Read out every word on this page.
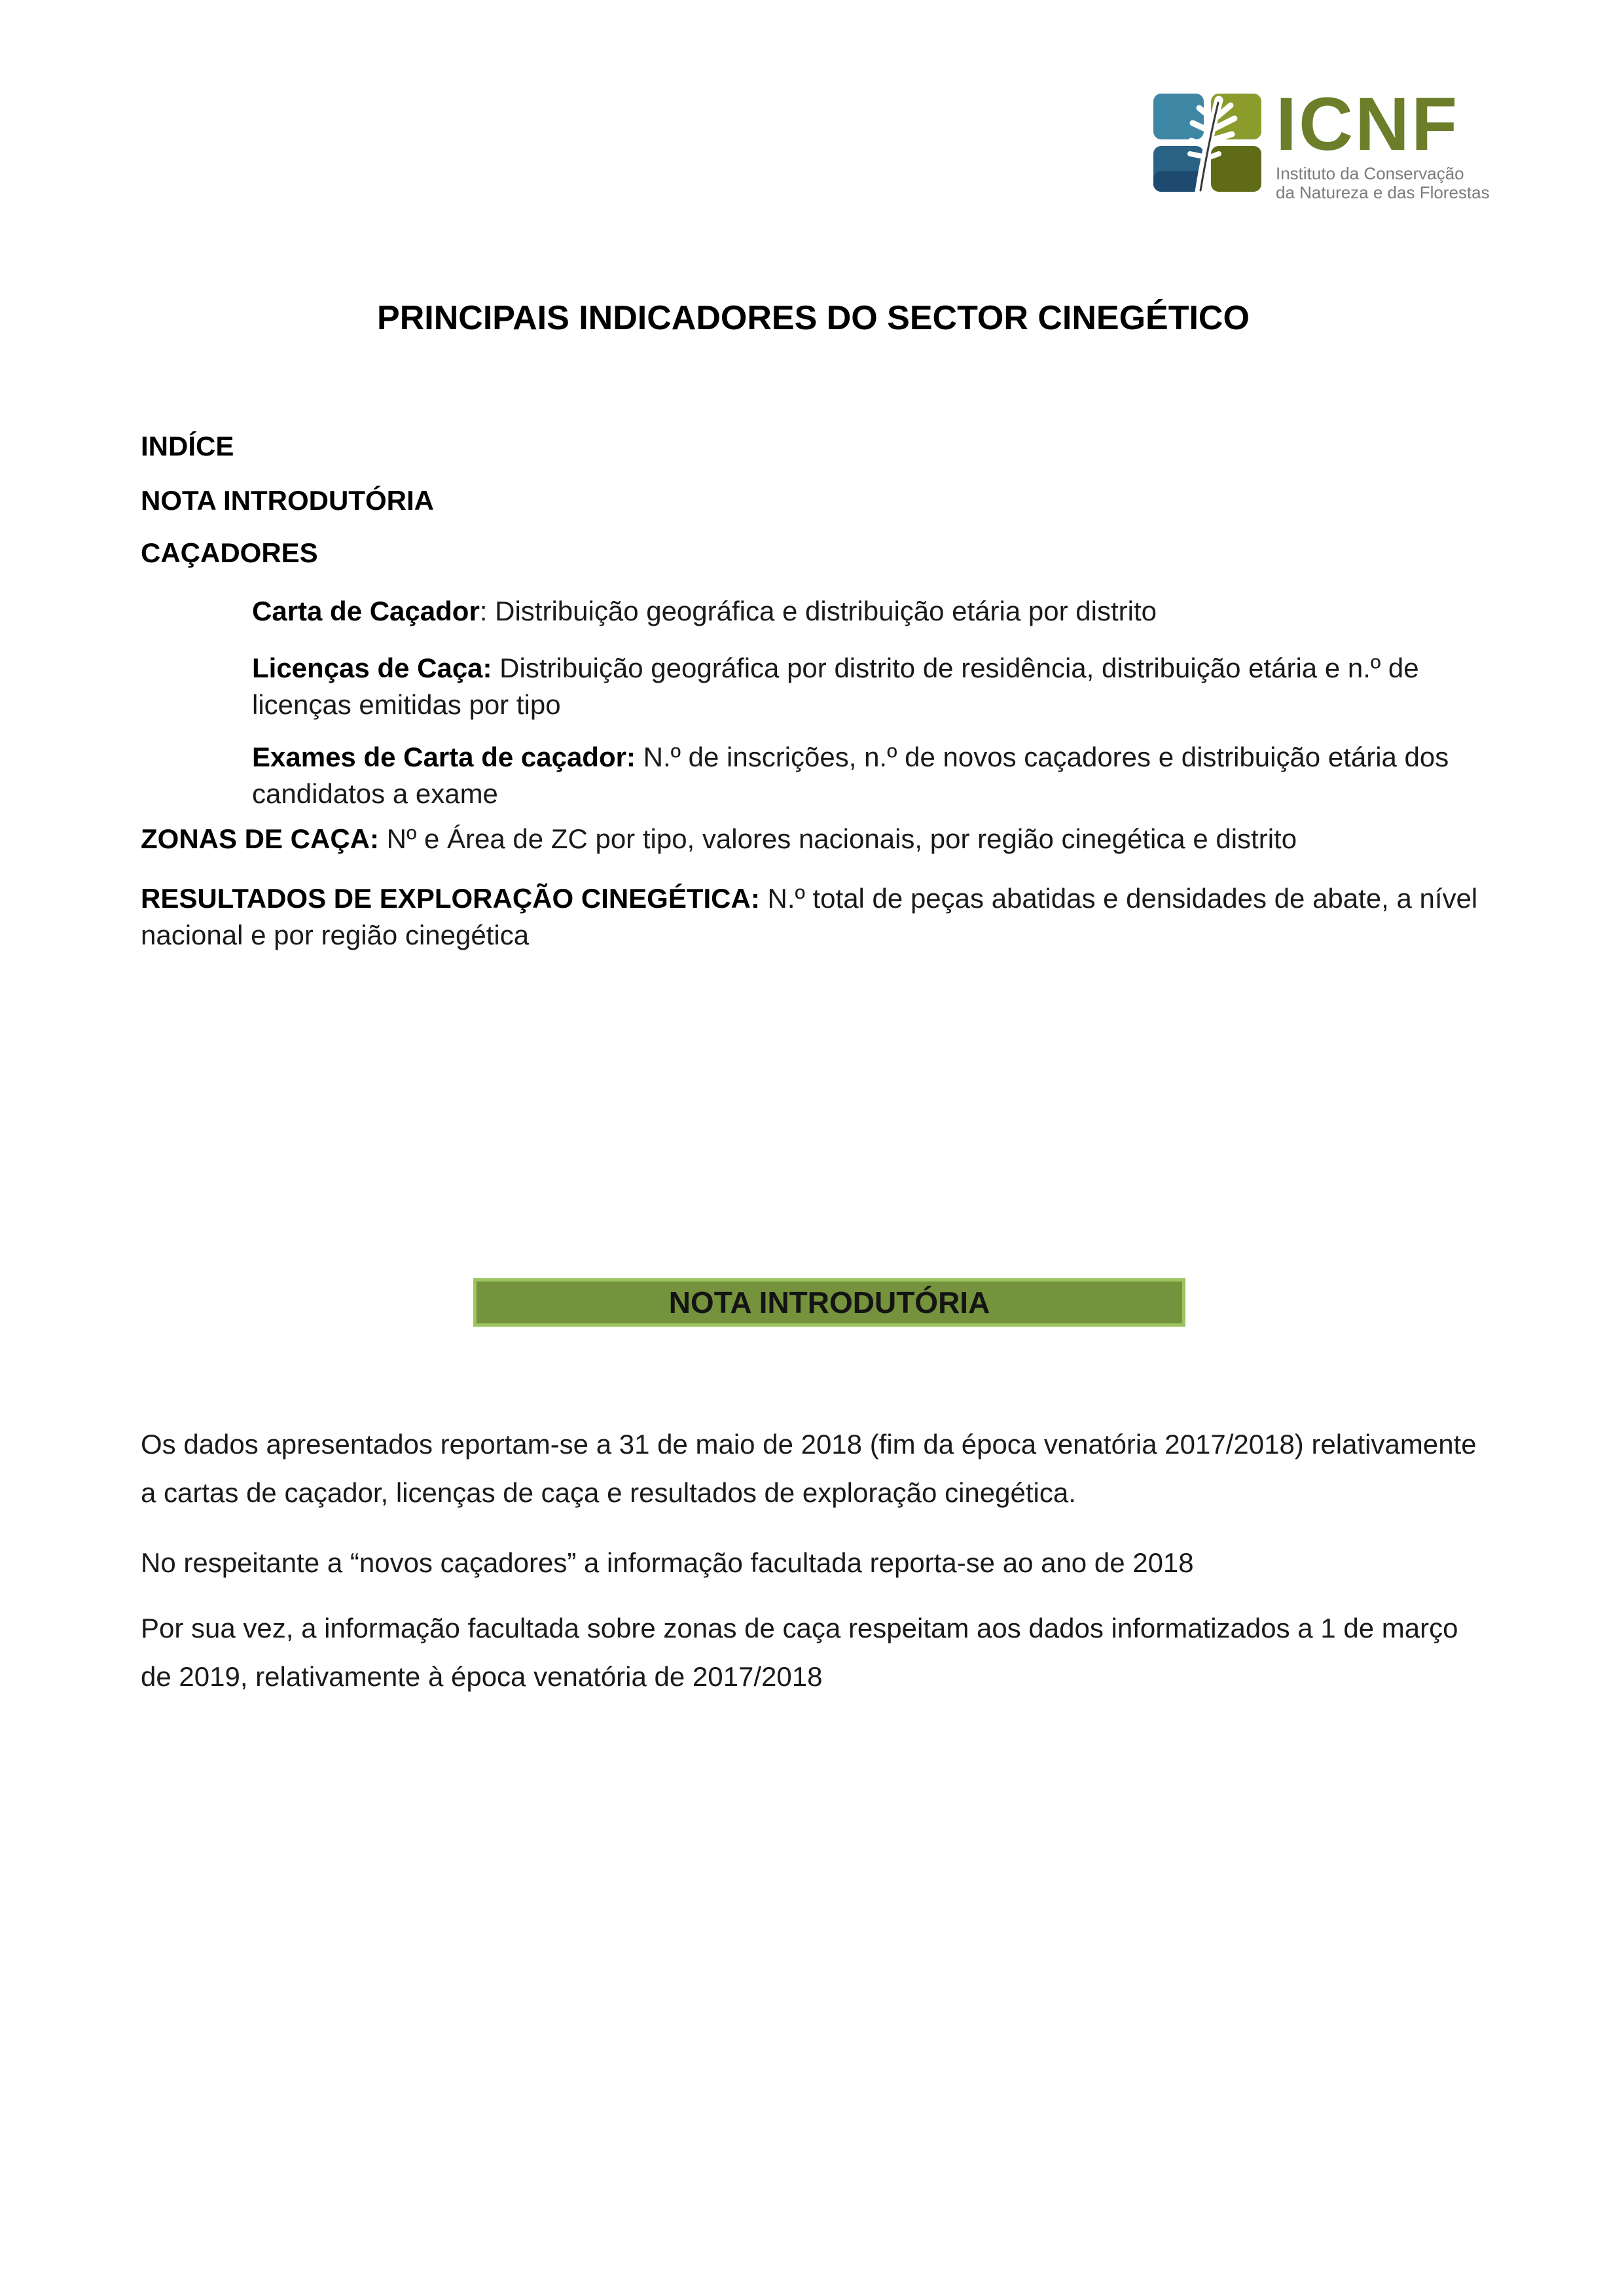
ICNF
Instituto da Conservação
da Natureza e das Florestas
PRINCIPAIS INDICADORES DO SECTOR CINEGÉTICO
INDÍCE
NOTA INTRODUTÓRIA
CAÇADORES
Carta de Caçador: Distribuição geográfica e distribuição etária por distrito
Licenças de Caça: Distribuição geográfica por distrito de residência, distribuição etária e n.º de licenças emitidas por tipo
Exames de Carta de caçador: N.º de inscrições, n.º de novos caçadores e distribuição etária dos candidatos a exame
ZONAS DE CAÇA: Nº e Área de ZC por tipo, valores nacionais, por região cinegética e distrito
RESULTADOS DE EXPLORAÇÃO CINEGÉTICA: N.º total de peças abatidas e densidades de abate, a nível nacional e por região cinegética
NOTA INTRODUTÓRIA
Os dados apresentados reportam-se a 31 de maio de 2018 (fim da época venatória 2017/2018) relativamente a cartas de caçador, licenças de caça e resultados de exploração cinegética.
No respeitante a “novos caçadores” a informação facultada reporta-se ao ano de 2018
Por sua vez, a informação facultada sobre zonas de caça respeitam aos dados informatizados a 1 de março de 2019, relativamente à época venatória de 2017/2018
